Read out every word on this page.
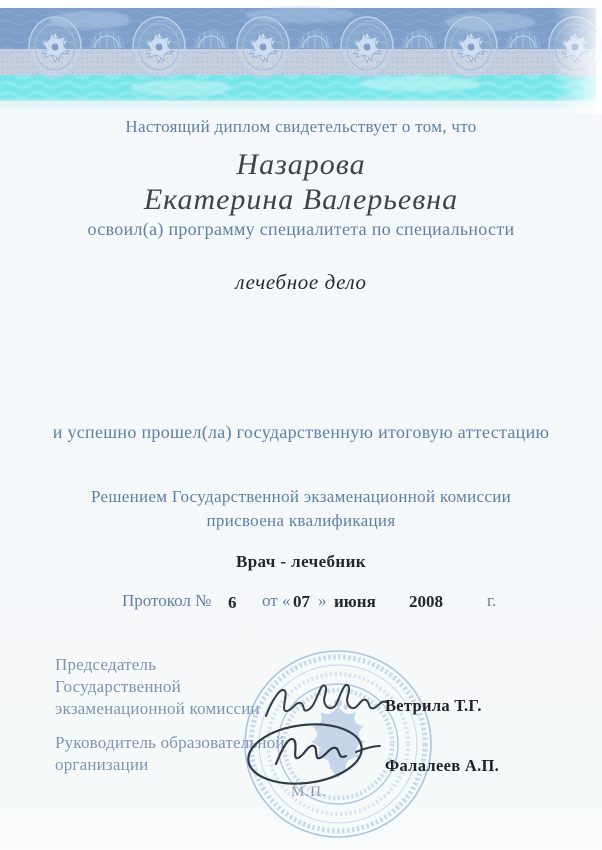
Настоящий диплом свидетельствует о том, что
Назарова
Екатерина Валерьевна
освоил(а) программу специалитета по специальности
лечебное дело
и успешно прошел(ла) государственную итоговую аттестацию
Решением Государственной экзаменационной комиссии
присвоена квалификация
Врач - лечебник
Протокол № 6 от « 07 » июня 2008	г.
Председатель
Государственной
экзаменационной комиссии
Руководитель образовательной
организации
Ветрила Т.Г.
Фалалеев А.П.
М.П.
